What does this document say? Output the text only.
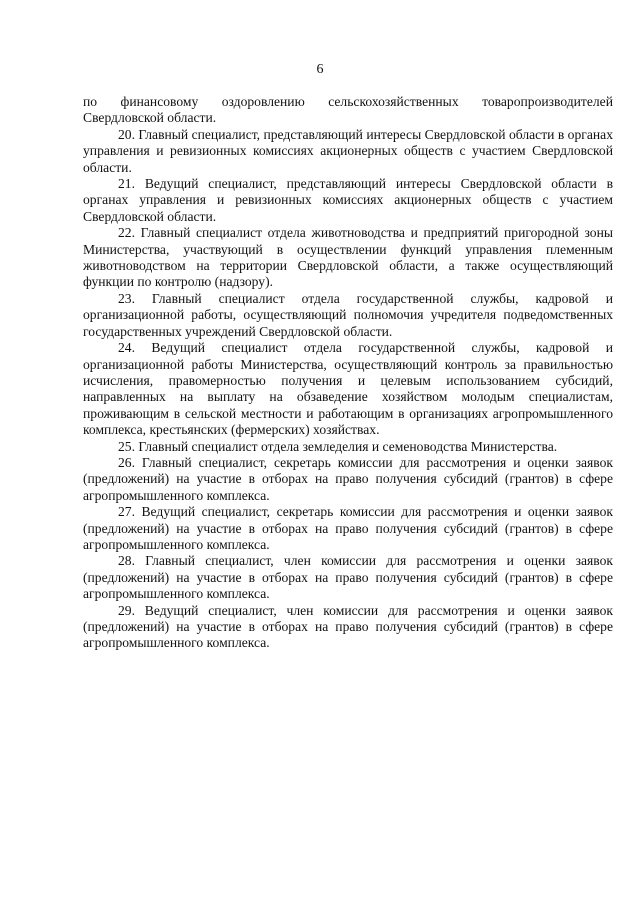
6

по финансовому оздоровлению сельскохозяйственных товаропроизводителей Свердловской области.

20. Главный специалист, представляющий интересы Свердловской области в органах управления и ревизионных комиссиях акционерных обществ с участием Свердловской области.

21. Ведущий специалист, представляющий интересы Свердловской области в органах управления и ревизионных комиссиях акционерных обществ с участием Свердловской области.

22. Главный специалист отдела животноводства и предприятий пригородной зоны Министерства, участвующий в осуществлении функций управления племенным животноводством на территории Свердловской области, а также осуществляющий функции по контролю (надзору).

23. Главный специалист отдела государственной службы, кадровой и организационной работы, осуществляющий полномочия учредителя подведомственных государственных учреждений Свердловской области.

24. Ведущий специалист отдела государственной службы, кадровой и организационной работы Министерства, осуществляющий контроль за правильностью исчисления, правомерностью получения и целевым использованием субсидий, направленных на выплату на обзаведение хозяйством молодым специалистам, проживающим в сельской местности и работающим в организациях агропромышленного комплекса, крестьянских (фермерских) хозяйствах.

25. Главный специалист отдела земледелия и семеноводства Министерства.

26. Главный специалист, секретарь комиссии для рассмотрения и оценки заявок (предложений) на участие в отборах на право получения субсидий (грантов) в сфере агропромышленного комплекса.

27. Ведущий специалист, секретарь комиссии для рассмотрения и оценки заявок (предложений) на участие в отборах на право получения субсидий (грантов) в сфере агропромышленного комплекса.

28. Главный специалист, член комиссии для рассмотрения и оценки заявок (предложений) на участие в отборах на право получения субсидий (грантов) в сфере агропромышленного комплекса.

29. Ведущий специалист, член комиссии для рассмотрения и оценки заявок (предложений) на участие в отборах на право получения субсидий (грантов) в сфере агропромышленного комплекса.
